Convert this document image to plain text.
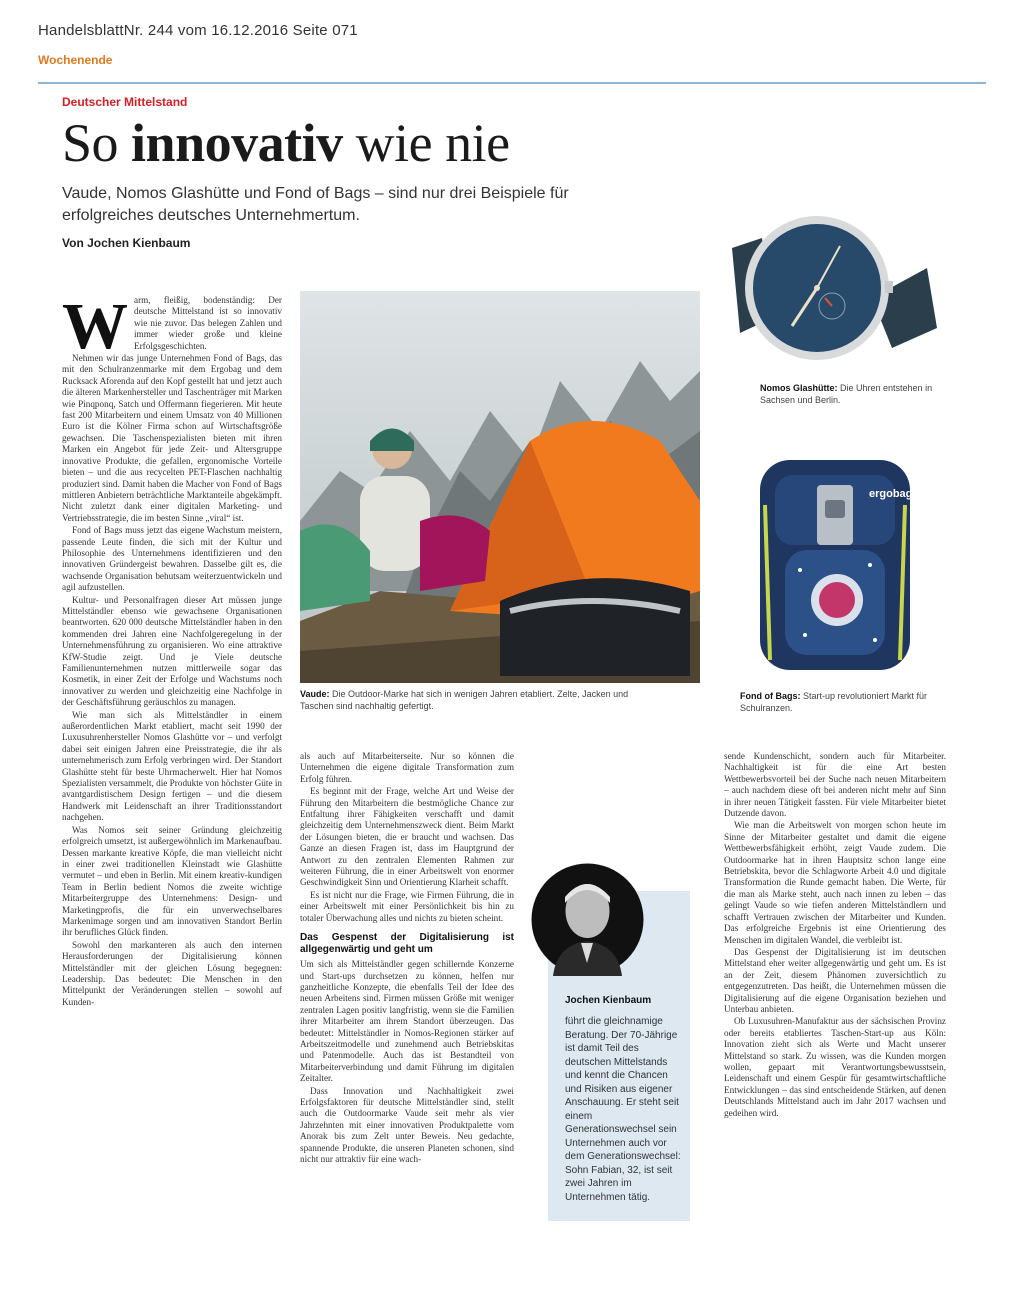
HandelsblattNr. 244 vom 16.12.2016 Seite 071
Wochenende
Deutscher Mittelstand
So innovativ wie nie
Vaude, Nomos Glashütte und Fond of Bags – sind nur drei Beispiele für erfolgreiches deutsches Unternehmertum.
Von Jochen Kienbaum
W arm, fleißig, bodenständig: Der deutsche Mittelstand ist so innovativ wie nie zuvor. Das belegen Zahlen und immer wieder große und kleine Erfolgsgeschichten.

Nehmen wir das junge Unternehmen Fond of Bags, das mit den Schulranzenmarke mit dem Ergobag und dem Rucksack Aforenda auf den Kopf gestellt hat und jetzt auch die älteren Markenhersteller und Taschenträger mit Marken wie Pinqponq, Satch und Offermann fiegerieren. Mit heute fast 200 Mitarbeitern und einem Umsatz von 40 Millionen Euro ist die Kölner Firma schon auf Wirtschaftsgröße gewachsen. Die Taschenspezialisten bieten mit ihren Marken ein Angebot für jede Zeit- und Altersgruppe innovative Produkte, die gefallen, ergonomische Vorteile bieten – und die aus recycelten PET-Flaschen nachhaltig produziert sind. Damit haben die Macher von Fond of Bags mittleren Anbietern beträchtliche Marktanteile abgekämpft. Nicht zuletzt dank einer digitalen Marketing- und Vertriebsstrategie, die im besten Sinne „viral“ ist.

Fond of Bags muss jetzt das eigene Wachstum meistern, passende Leute finden, die sich mit der Kultur und Philosophie des Unternehmens identifizieren und den innovativen Gründergeist bewahren. Dasselbe gilt es, die wachsende Organisation behutsam weiterzuentwickeln und agil aufzustellen.

Kultur- und Personalfragen dieser Art müssen junge Mittelständler ebenso wie gewachsene Organisationen beantworten. 620 000 deutsche Mittelständler haben in den kommenden drei Jahren eine Nachfolgeregelung in der Unternehmensführung zu organisieren. Wo eine attraktive KfW-Studie zeigt. Und je Viele deutsche Familienunternehmen nutzen mittlerweile sogar das Kosmetik, in einer Zeit der Erfolge und Wachstums noch innovativer zu werden und gleichzeitig eine Nachfolge in der Geschäftsführung geräuschlos zu managen.

Wie man sich als Mittelständler in einem außerordentlichen Markt etabliert, macht seit 1990 der Luxusuhrenhersteller Nomos Glashütte vor – und verfolgt dabei seit einigen Jahren eine Preisstrategie, die ihr als unternehmerisch zum Erfolg verbringen wird. Der Standort Glashütte steht für beste Uhrmacherwelt. Hier hat Nomos Spezialisten versammelt, die Produkte von höchster Güte in avantgardistischem Design fertigen – und die diesem Handwerk mit Leidenschaft an ihrer Traditionsstandort nachgehen.

Was Nomos seit seiner Gründung gleichzeitig erfolgreich umsetzt, ist außergewöhnlich im Markenaufbau. Dessen markante kreative Köpfe, die man vielleicht nicht in einer zwei traditionellen Kleinstadt wie Glashütte vermutet – und eben in Berlin. Mit einem kreativ-kundigen Team in Berlin bedient Nomos die zweite wichtige Mitarbeitergruppe des Unternehmens: Design- und Marketingprofis, die für ein unverwechselbares Markenimage sorgen und am innovativen Standort Berlin ihr berufliches Glück finden.

Sowohl den markanteren als auch den internen Herausforderungen der Digitalisierung können Mittelständler mit der gleichen Lösung begegnen: Leadership. Das bedeutet: Die Menschen in den Mittelpunkt der Veränderungen stellen – sowohl auf Kunden-

Vaude: Die Outdoor-Marke hat sich in wenigen Jahren etabliert. Zelte, Jacken und Taschen sind nachhaltig gefertigt.
Nomos Glashütte: Die Uhren entstehen in Sachsen und Berlin.
ergobag
Fond of Bags: Start-up revolutioniert Markt für Schulranzen.

als auch auf Mitarbeiterseite. Nur so können die Unternehmen die eigene digitale Transformation zum Erfolg führen.

Es beginnt mit der Frage, welche Art und Weise der Führung den Mitarbeitern die bestmögliche Chance zur Entfaltung ihrer Fähigkeiten verschafft und damit gleichzeitig dem Unternehmenszweck dient. Beim Markt der Lösungen bieten, die er braucht und wachsen. Das Ganze an diesen Fragen ist, dass im Hauptgrund der Antwort zu den zentralen Elementen Rahmen zur weiteren Führung, die in einer Arbeitswelt von enormer Geschwindigkeit Sinn und Orientierung Klarheit schafft.

Es ist nicht nur die Frage, wie Firmen Führung, die in einer Arbeitswelt mit einer Persönlichkeit bis hin zu totaler Überwachung alles und nichts zu bieten scheint.

Das Gespenst der Digitalisierung ist allgegenwärtig und geht um

Um sich als Mittelständler gegen schillernde Konzerne und Start-ups durchsetzen zu können, helfen nur ganzheitliche Konzepte, die ebenfalls Teil der Idee des neuen Arbeitens sind. Firmen müssen Größe mit weniger zentralen Lagen positiv langfristig, wenn sie die Familien ihrer Mitarbeiter am ihrem Standort überzeugen. Das bedeutet: Mittelständler in Nomos-Regionen stärker auf Arbeitszeitmodelle und zunehmend auch Betriebskitas und Patenmodelle. Auch das ist Bestandteil von Mitarbeiterverbindung und damit Führung im digitalen Zeitalter.

Dass Innovation und Nachhaltigkeit zwei Erfolgsfaktoren für deutsche Mittelständler sind, stellt auch die Outdoormarke Vaude seit mehr als vier Jahrzehnten mit einer innovativen Produktpalette vom Anorak bis zum Zelt unter Beweis. Neu gedachte, spannende Produkte, die unseren Planeten schonen, sind nicht nur attraktiv für eine wach-

Jochen Kienbaum
führt die gleichnamige Beratung. Der 70-Jährige ist damit Teil des deutschen Mittelstands und kennt die Chancen und Risiken aus eigener Anschauung. Er steht seit einem Generationswechsel sein Unternehmen auch vor dem Generationswechsel: Sohn Fabian, 32, ist seit zwei Jahren im Unternehmen tätig.

sende Kundenschicht, sondern auch für Mitarbeiter. Nachhaltigkeit ist für die eine Art besten Wettbewerbsvorteil bei der Suche nach neuen Mitarbeitern – auch nachdem diese oft bei anderen nicht mehr auf Sinn in ihrer neuen Tätigkeit fassten. Für viele Mitarbeiter bietet Dutzende davon.

Wie man die Arbeitswelt von morgen schon heute im Sinne der Mitarbeiter gestaltet und damit die eigene Wettbewerbsfähigkeit erhöht, zeigt Vaude zudem. Die Outdoormarke hat in ihren Hauptsitz schon lange eine Betriebskita, bevor die Schlagworte Arbeit 4.0 und digitale Transformation die Runde gemacht haben. Die Werte, für die man als Marke steht, auch nach innen zu leben – das gelingt Vaude so wie tiefen anderen Mittelständlern und schafft Vertrauen zwischen der Mitarbeiter und Kunden. Das erfolgreiche Ergebnis ist eine Orientierung des Menschen im digitalen Wandel, die verbleibt ist.

Das Gespenst der Digitalisierung ist im deutschen Mittelstand eher weiter allgegenwärtig und geht um. Es ist an der Zeit, diesem Phänomen zuversichtlich zu entgegenzutreten. Das heißt, die Unternehmen müssen die Digitalisierung auf die eigene Organisation beziehen und Unterbau anbieten.

Ob Luxusuhren-Manufaktur aus der sächsischen Provinz oder bereits etabliertes Taschen-Start-up aus Köln: Innovation zieht sich als Werte und Macht unserer Mittelstand so stark. Zu wissen, was die Kunden morgen wollen, gepaart mit Verantwortungsbewusstsein, Leidenschaft und einem Gespür für gesamtwirtschaftliche Entwicklungen – das sind entscheidende Stärken, auf denen Deutschlands Mittelstand auch im Jahr 2017 wachsen und gedeihen wird.
